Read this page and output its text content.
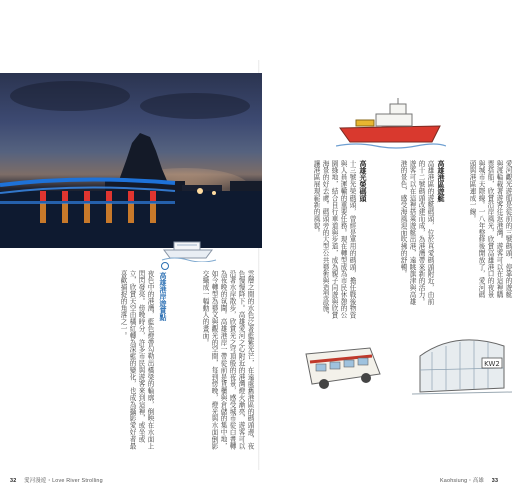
雲層之間的水色泛著藍紫光芒，在遠處舊港區的碼頭邊，夜色慢慢降下。高雄愛河之心附近的港灣燈火漸亮，遊客可以沿著水岸散步，欣賞光之穹頂般的夜景，感受城市從白晝轉為夜晚的氛圍。高雄港岸一帶從前是貨櫃與倉儲的集中地，如今轉型為藝文與觀光的空間，每到傍晚，燈光與水面倒影交織成一幅動人的畫面。
高雄港岸遊賞點
夜色中的港灣，藍色燈帶勾勒出橋梁的輪廓，倒映在水面上閃閃發亮。傍晚時分，許多市民與遊客來到這裡，或坐或立，欣賞天空由橘紅轉為深藍的變化，也成為攝影愛好者最喜歡捕捉的角落之一。
32 愛河漫遊・Love River Strolling
愛河觀光遊船是從前的三號碼頭，停靠的遊艇與渡輪載著遊客往返港灣。遊客可以在這裡購票搭船，欣賞沿岸風光，欣賞高雄港口的夜景與城市天際線。一八年整修後開放了，愛河碼頭與港區連成一線。
高雄港區遊艇
高雄港區的遊艇碼頭，位於真愛碼頭附近，由前的十二號碼頭改建而成，為港灣帶來新的活力。遊客可以在這裡搭乘遊艇出港，遠眺旗津與高雄港的景色，感受海風迎面吹拂的舒暢。
高雄光榮碼頭
十三號光榮碼頭，曾經是軍用的碼頭，擔任戰後物資與人員運輸的重要任務。現在轉型成為市民休憩的公園綠地，結合自行車道與步道，成為親子同遊與欣賞海景的好去處。碼頭旁的大型公共藝術與造型設施，讓港區展現嶄新的風貌。
KW2
Kaohsiung・高雄 33
